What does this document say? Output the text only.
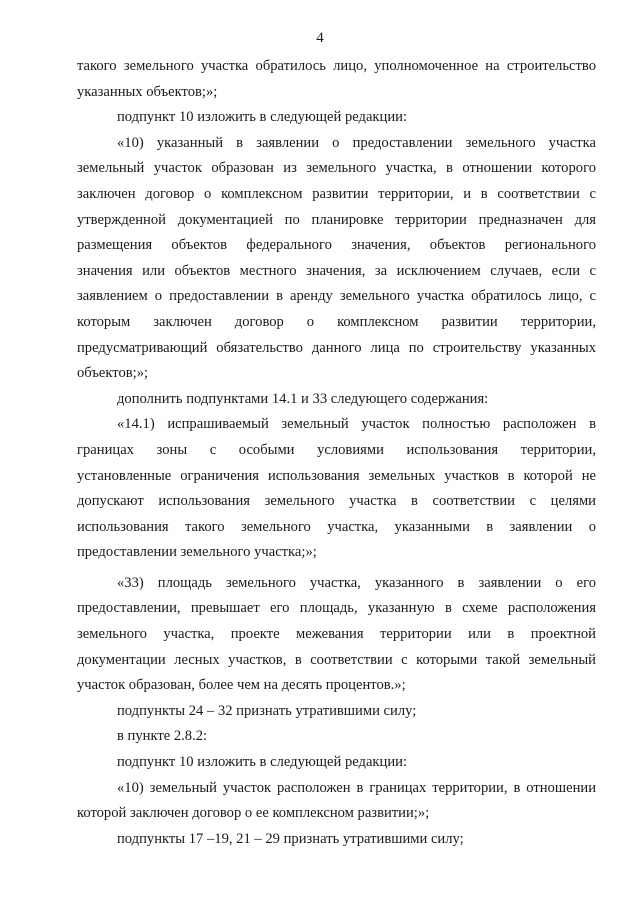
4
такого земельного участка обратилось лицо, уполномоченное на строительство
указанных объектов;»;
подпункт 10 изложить в следующей редакции:
«10) указанный в заявлении о предоставлении земельного участка
земельный участок образован из земельного участка, в отношении которого
заключен договор о комплексном развитии территории, и в соответствии с
утвержденной документацией по планировке территории предназначен для
размещения объектов федерального значения, объектов регионального
значения или объектов местного значения, за исключением случаев, если с
заявлением о предоставлении в аренду земельного участка обратилось лицо, с
которым заключен договор о комплексном развитии территории,
предусматривающий обязательство данного лица по строительству указанных
объектов;»;
дополнить подпунктами 14.1 и 33 следующего содержания:
«14.1) испрашиваемый земельный участок полностью расположен в
границах зоны с особыми условиями использования территории,
установленные ограничения использования земельных участков в которой не
допускают использования земельного участка в соответствии с целями
использования такого земельного участка, указанными в заявлении о
предоставлении земельного участка;»;
«33) площадь земельного участка, указанного в заявлении о его
предоставлении, превышает его площадь, указанную в схеме расположения
земельного участка, проекте межевания территории или в проектной
документации лесных участков, в соответствии с которыми такой земельный
участок образован, более чем на десять процентов.»;
подпункты 24 – 32 признать утратившими силу;
в пункте 2.8.2:
подпункт 10 изложить в следующей редакции:
«10) земельный участок расположен в границах территории, в отношении
которой заключен договор о ее комплексном развитии;»;
подпункты 17 –19, 21 – 29 признать утратившими силу;
